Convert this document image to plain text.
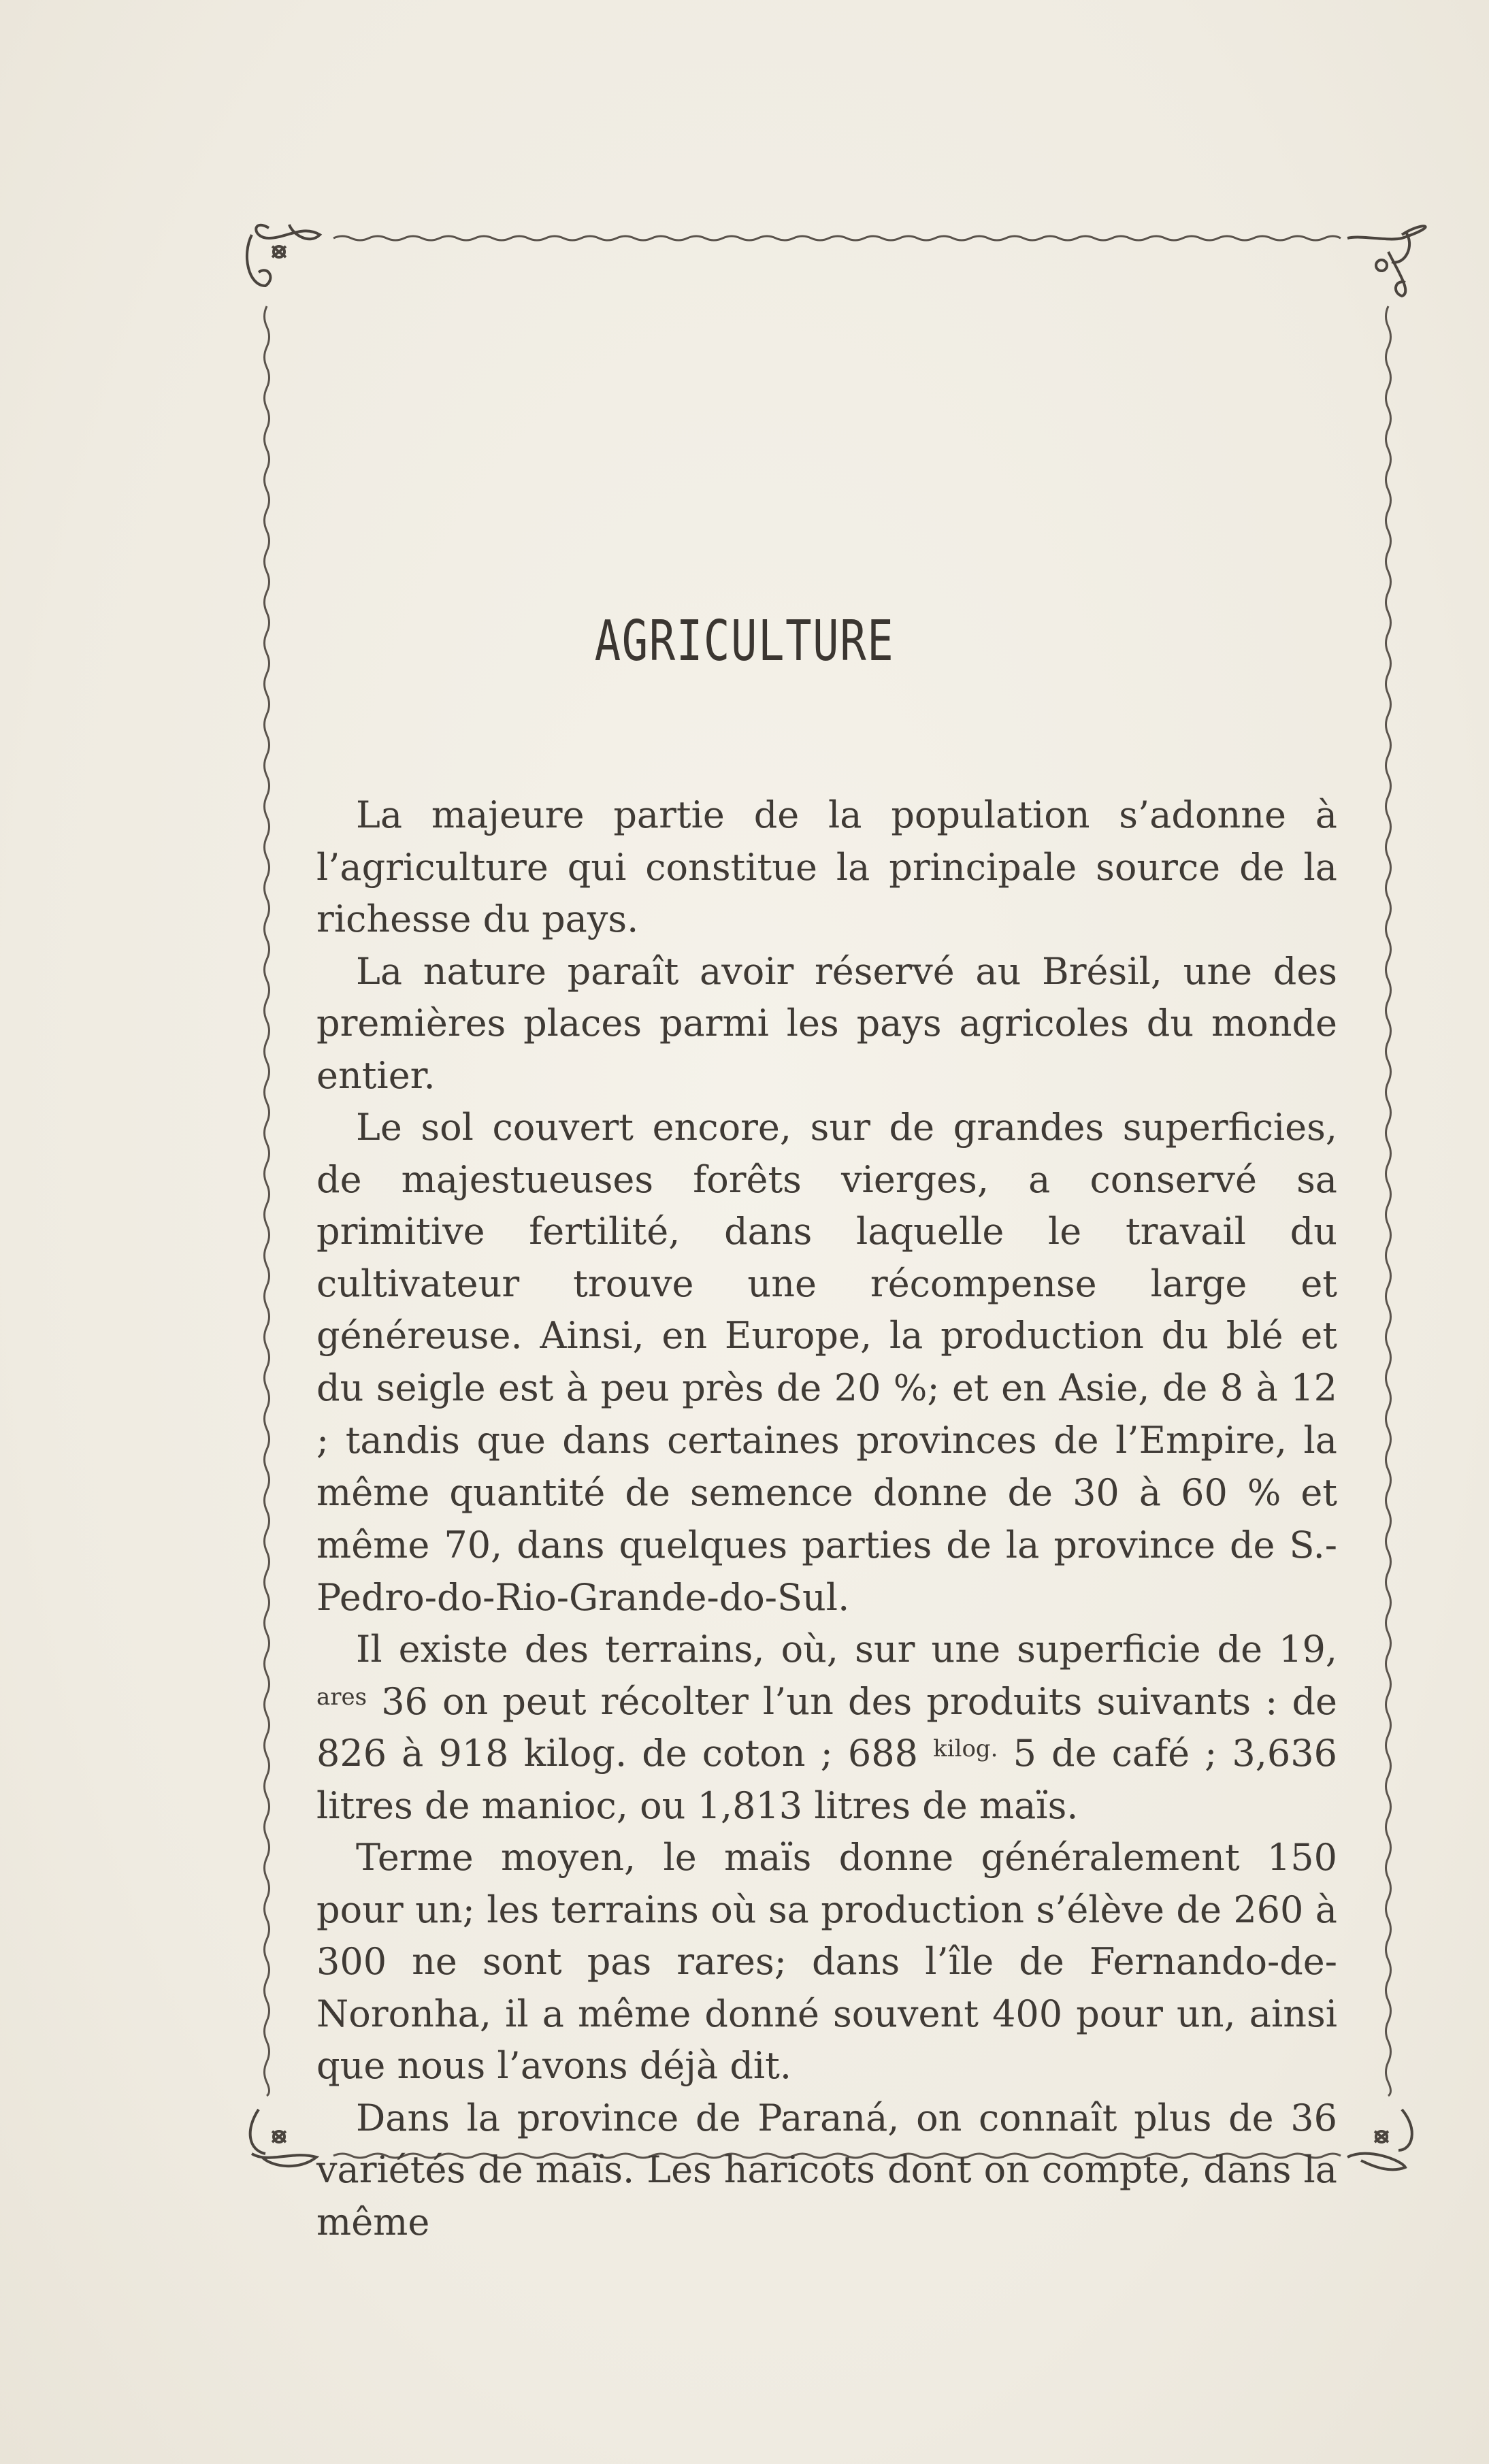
AGRICULTURE

La majeure partie de la population s’adonne à l’agriculture qui constitue la principale source de la richesse du pays.

La nature paraît avoir réservé au Brésil, une des premières places parmi les pays agricoles du monde entier.

Le sol couvert encore, sur de grandes superficies, de majestueuses forêts vierges, a conservé sa primitive fertilité, dans laquelle le travail du cultivateur trouve une récompense large et généreuse. Ainsi, en Europe, la production du blé et du seigle est à peu près de 20 %; et en Asie, de 8 à 12 ; tandis que dans certaines provinces de l’Empire, la même quantité de semence donne de 30 à 60 % et même 70, dans quelques parties de la province de S.-Pedro-do-Rio-Grande-do-Sul.

Il existe des terrains, où, sur une superficie de 19, $^{ares}$ 36 on peut récolter l’un des produits suivants : de 826 à 918 kilog. de coton ; 688 $^{kilog.}$ 5 de café ; 3,636 litres de manioc, ou 1,813 litres de maïs.

Terme moyen, le maïs donne généralement 150 pour un; les terrains où sa production s’élève de 260 à 300 ne sont pas rares; dans l’île de Fernando-de-Noronha, il a même donné souvent 400 pour un, ainsi que nous l’avons déjà dit.

Dans la province de Paraná, on connaît plus de 36 variétés de maïs. Les haricots dont on compte, dans la même
